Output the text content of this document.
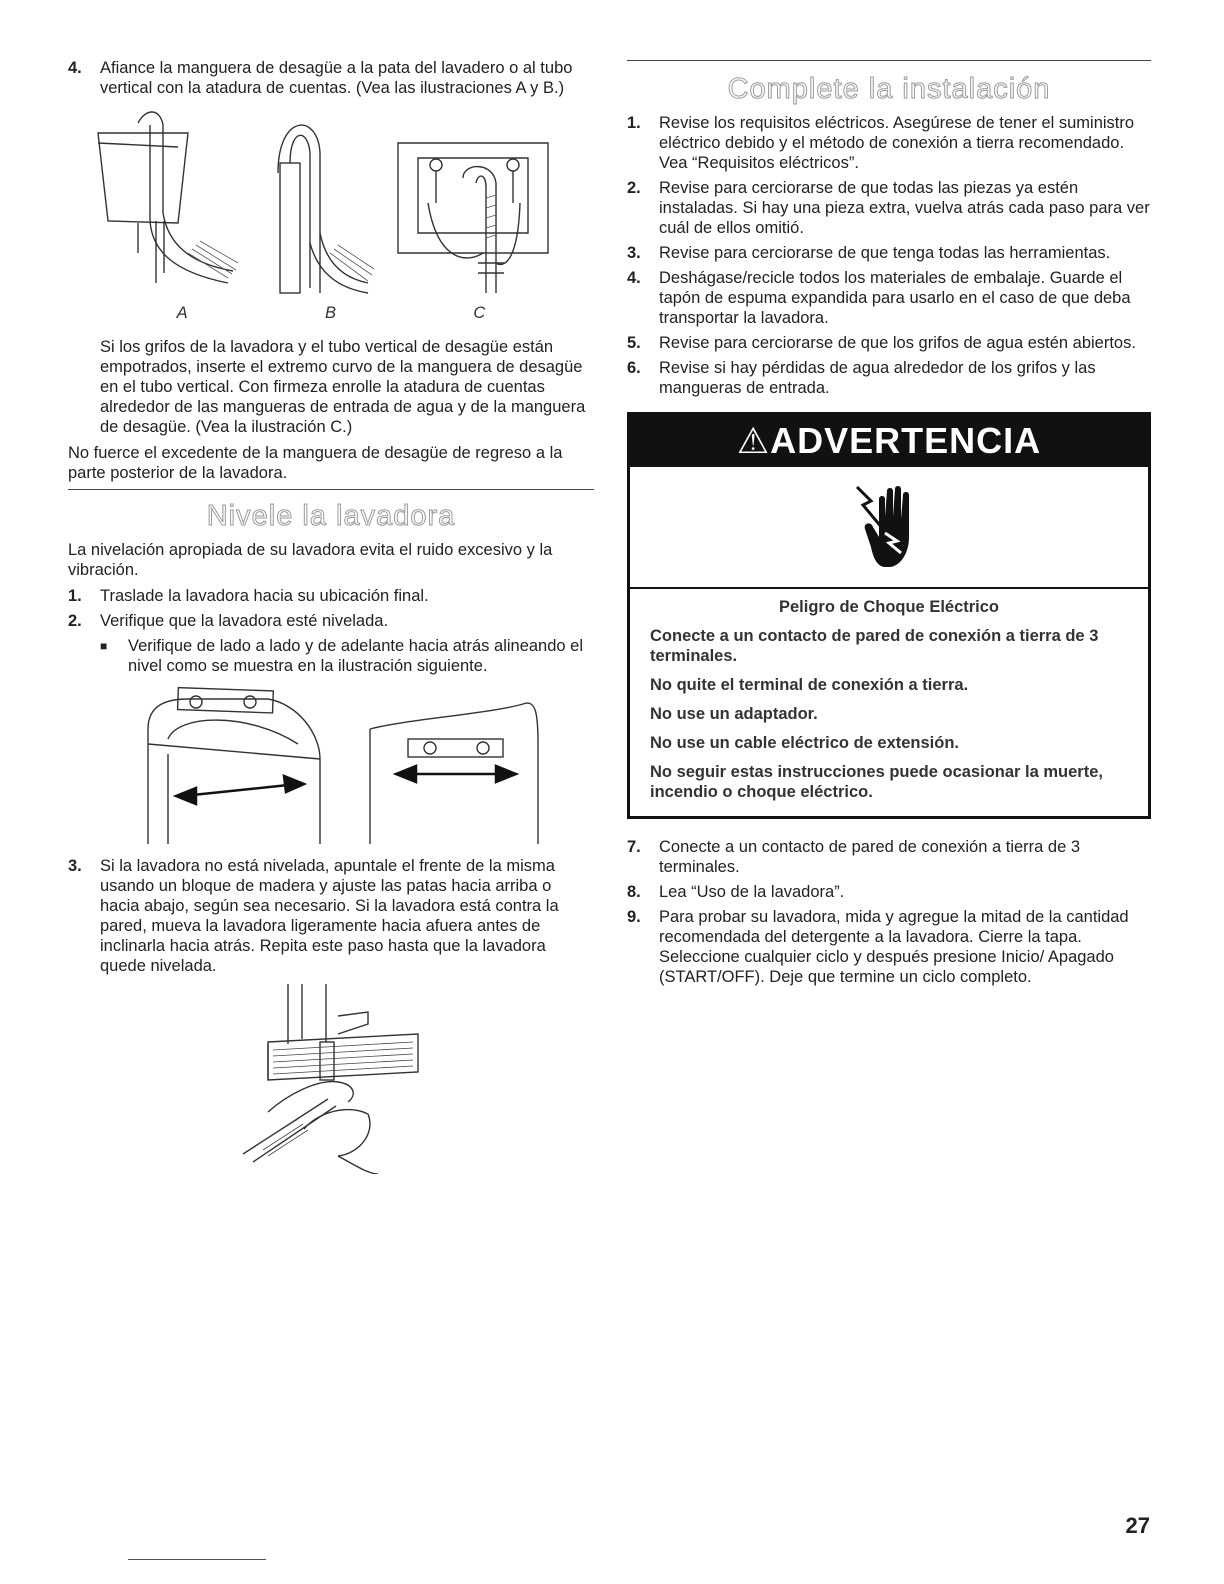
4.	Afiance la manguera de desagüe a la pata del lavadero o al tubo vertical con la atadura de cuentas. (Vea las ilustraciones A y B.)
A	B	C

Si los grifos de la lavadora y el tubo vertical de desagüe están empotrados, inserte el extremo curvo de la manguera de desagüe en el tubo vertical. Con firmeza enrolle la atadura de cuentas alrededor de las mangueras de entrada de agua y de la manguera de desagüe. (Vea la ilustración C.)

No fuerce el excedente de la manguera de desagüe de regreso a la parte posterior de la lavadora.

Nivele la lavadora

La nivelación apropiada de su lavadora evita el ruido excesivo y la vibración.

1.	Traslade la lavadora hacia su ubicación final.
2.	Verifique que la lavadora esté nivelada.
■	Verifique de lado a lado y de adelante hacia atrás alineando el nivel como se muestra en la ilustración siguiente.
3.	Si la lavadora no está nivelada, apuntale el frente de la misma usando un bloque de madera y ajuste las patas hacia arriba o hacia abajo, según sea necesario. Si la lavadora está contra la pared, mueva la lavadora ligeramente hacia afuera antes de inclinarla hacia atrás. Repita este paso hasta que la lavadora quede nivelada.
Complete la instalación
1.	Revise los requisitos eléctricos. Asegúrese de tener el suministro eléctrico debido y el método de conexión a tierra recomendado. Vea “Requisitos eléctricos”.
2.	Revise para cerciorarse de que todas las piezas ya estén instaladas. Si hay una pieza extra, vuelva atrás cada paso para ver cuál de ellos omitió.
3.	Revise para cerciorarse de que tenga todas las herramientas.
4.	Deshágase/recicle todos los materiales de embalaje. Guarde el tapón de espuma expandida para usarlo en el caso de que deba transportar la lavadora.
5.	Revise para cerciorarse de que los grifos de agua estén abiertos.
6.	Revise si hay pérdidas de agua alrededor de los grifos y las mangueras de entrada.
⚠ADVERTENCIA

Peligro de Choque Eléctrico

Conecte a un contacto de pared de conexión a tierra de 3 terminales.

No quite el terminal de conexión a tierra.

No use un adaptador.

No use un cable eléctrico de extensión.

No seguir estas instrucciones puede ocasionar la muerte, incendio o choque eléctrico.

7.	Conecte a un contacto de pared de conexión a tierra de 3 terminales.
8.	Lea “Uso de la lavadora”.
9.	Para probar su lavadora, mida y agregue la mitad de la cantidad recomendada del detergente a la lavadora. Cierre la tapa. Seleccione cualquier ciclo y después presione Inicio/ Apagado (START/OFF). Deje que termine un ciclo completo.
27
